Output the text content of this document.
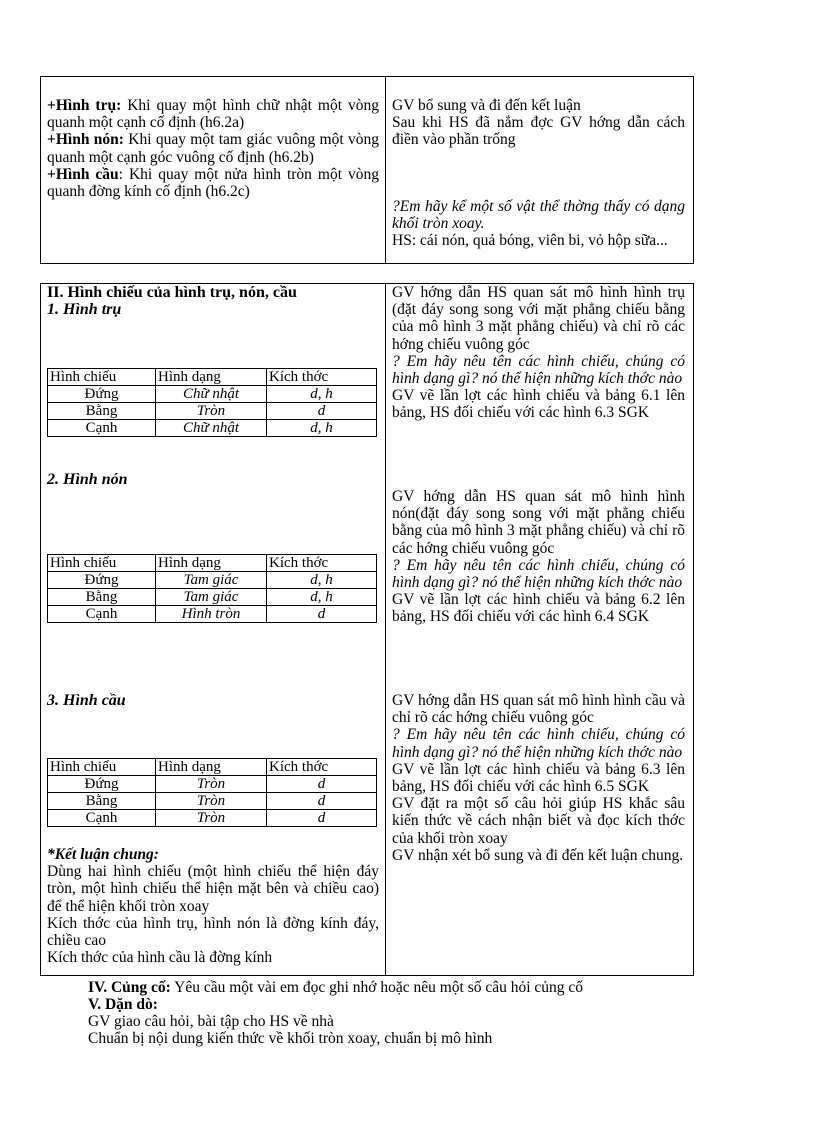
+Hình trụ: Khi quay một hình chữ nhật một vòng quanh một cạnh cố định (h6.2a)

+Hình nón: Khi quay một tam giác vuông một vòng quanh một cạnh góc vuông cố định (h6.2b)

+Hình cầu: Khi quay một nửa hình tròn một vòng quanh đờng kính cố định (h6.2c)

GV bổ sung và đi đến kết luận

Sau khi HS đã nắm đợc GV hớng dẫn cách điền vào phần trống

?Em hãy kể một số vật thể thờng thấy có dạng khối tròn xoay.

HS: cái nón, quả bóng, viên bi, vỏ hộp sữa...

II. Hình chiếu của hình trụ, nón, cầu
1. Hình trụ
Hình chiếu	Hình dạng	Kích thớc
Đứng	Chữ nhật	d, h
Bằng	Tròn	d
Cạnh	Chữ nhật	d, h
2. Hình nón
Hình chiếu	Hình dạng	Kích thớc
Đứng	Tam giác	d, h
Bằng	Tam giác	d, h
Cạnh	Hình tròn	d
3. Hình cầu
Hình chiếu	Hình dạng	Kích thớc
Đứng	Tròn	d
Bằng	Tròn	d
Cạnh	Tròn	d

*Kết luận chung:

Dùng hai hình chiếu (một hình chiếu thể hiện đáy tròn, một hình chiếu thể hiện mặt bên và chiều cao) để thể hiện khối tròn xoay

Kích thớc của hình trụ, hình nón là đờng kính đáy, chiều cao

Kích thớc của hình cầu là đờng kính

GV hớng dẫn HS quan sát mô hình hình trụ (đặt đáy song song với mặt phẳng chiếu bằng của mô hình 3 mặt phẳng chiếu) và chỉ rõ các hớng chiếu vuông góc

? Em hãy nêu tên các hình chiếu, chúng có hình dạng gì? nó thể hiện những kích thớc nào

GV vẽ lần lợt các hình chiếu và bảng 6.1 lên bảng, HS đối chiếu với các hình 6.3 SGK

GV hớng dẫn HS quan sát mô hình hình nón(đặt đáy song song với mặt phẳng chiếu bằng của mô hình 3 mặt phẳng chiếu) và chỉ rõ các hớng chiếu vuông góc

? Em hãy nêu tên các hình chiếu, chúng có hình dạng gì? nó thể hiện những kích thớc nào

GV vẽ lần lợt các hình chiếu và bảng 6.2 lên bảng, HS đối chiếu với các hình 6.4 SGK

GV hớng dẫn HS quan sát mô hình hình cầu và chỉ rõ các hớng chiếu vuông góc

? Em hãy nêu tên các hình chiếu, chúng có hình dạng gì? nó thể hiện những kích thớc nào

GV vẽ lần lợt các hình chiếu và bảng 6.3 lên bảng, HS đối chiếu với các hình 6.5 SGK

GV đặt ra một số câu hỏi giúp HS khắc sâu kiến thức về cách nhận biết và đọc kích thớc của khối tròn xoay

GV nhận xét bổ sung và đi đến kết luận chung.

IV. Củng cố: Yêu cầu một vài em đọc ghi nhớ hoặc nêu một số câu hỏi củng cố
V. Dặn dò:
GV giao câu hỏi, bài tập cho HS về nhà
Chuẩn bị nội dung kiến thức về khối tròn xoay, chuẩn bị mô hình
